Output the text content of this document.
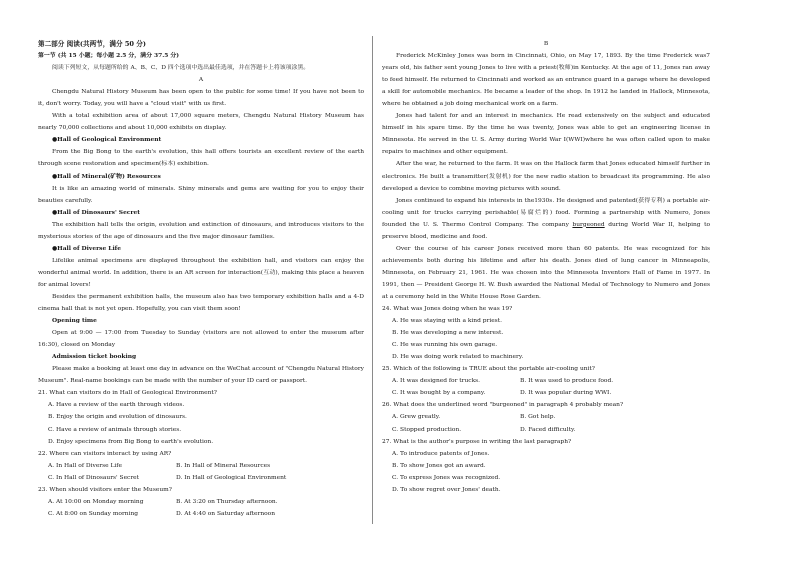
第二部分 阅读(共两节，满分 50 分)

第一节 (共 15 小题；每小题 2.5 分，满分 37.5 分)

阅读下列短文，从每题所给的 A、B、C、D 四个选项中选出最佳选项，并在答题卡上将该项涂黑。

A

Chengdu Natural History Museum has been open to the public for some time! If you have not been to it, don't worry. Today, you will have a "cloud visit" with us first.

With a total exhibition area of about 17,000 square meters, Chengdu Natural History Museum has nearly 70,000 collections and about 10,000 exhibits on display.

●Hall of Geological Environment

From the Big Bong to the earth's evolution, this hall offers tourists an excellent review of the earth through scene restoration and specimen(标本) exhibition.

●Hall of Mineral(矿物) Resources

It is like an amazing world of minerals. Shiny minerals and gems are waiting for you to enjoy their beauties carefully.

●Hall of Dinosaurs' Secret

The exhibition hall tells the origin, evolution and extinction of dinosaurs, and introduces visitors to the mysterious stories of the age of dinosaurs and the five major dinosaur families.

●Hall of Diverse Life

Lifelike animal specimens are displayed throughout the exhibition hall, and visitors can enjoy the wonderful animal world. In addition, there is an AR screen for interaction(互动), making this place a heaven for animal lovers!

Besides the permanent exhibition halls, the museum also has two temporary exhibition halls and a 4-D cinema hall that is not yet open. Hopefully, you can visit them soon!

Opening time

Open at 9:00 — 17:00 from Tuesday to Sunday (visitors are not allowed to enter the museum after 16:30), closed on Monday

Admission ticket booking

Please make a booking at least one day in advance on the WeChat account of "Chengdu Natural History Museum". Real-name bookings can be made with the number of your ID card or passport.

21. What can visitors do in Hall of Geological Environment?

A. Have a review of the earth through videos.

B. Enjoy the origin and evolution of dinosaurs.

C. Have a review of animals through stories.

D. Enjoy specimens from Big Bong to earth's evolution.

22. Where can visitors interact by using AR?

A. In Hall of Diverse Life	B. In Hall of Mineral Resources
C. In Hall of Dinosaurs' Secret	D. In Hall of Geological Environment

23. When should visitors enter the Museum?

A. At 10:00 on Monday morning	B. At 3:20 on Thursday afternoon.
C. At 8:00 on Sunday morning	D. At 4:40 on Saturday afternoon

B

Frederick McKinley Jones was born in Cincinnati, Ohio, on May 17, 1893. By the time Frederick was7 years old, his father sent young Jones to live with a priest(牧师)in Kentucky. At the age of 11, Jones ran away to feed himself. He returned to Cincinnati and worked as an entrance guard in a garage where he developed a skill for automobile mechanics. He became a leader of the shop. In 1912 he landed in Hallock, Minnesota, where he obtained a job doing mechanical work on a farm.

Jones had talent for and an interest in mechanics. He read extensively on the subject and educated himself in his spare time. By the time he was twenty, Jones was able to get an engineering license in Minnesota. He served in the U. S. Army during World War I(WWI)where he was often called upon to make repairs to machines and other equipment.

After the war, he returned to the farm. It was on the Hallock farm that Jones educated himself further in electronics. He built a transmitter(发射机) for the new radio station to broadcast its programming. He also developed a device to combine moving pictures with sound.

Jones continued to expand his interests in the1930s. He designed and patented(获得专利) a portable air-cooling unit for trucks carrying perishable(易腐烂的) food. Forming a partnership with Numero, Jones founded the U. S. Thermo Control Company. The company burgeoned during World War II, helping to preserve blood, medicine and food.

Over the course of his career Jones received more than 60 patents. He was recognized for his achievements both during his lifetime and after his death. Jones died of lung cancer in Minneapolis, Minnesota, on February 21, 1961. He was chosen into the Minnesota Inventors Hall of Fame in 1977. In 1991, then — President George H. W. Bush awarded the National Medal of Technology to Numero and Jones at a ceremony held in the White House Rose Garden.

24. What was Jones doing when he was 19?

A. He was staying with a kind priest.

B. He was developing a new interest.

C. He was running his own garage.

D. He was doing work related to machinery.

25. Which of the following is TRUE about the portable air-cooling unit?

A. It was designed for trucks.	B. It was used to produce food.
C. It was bought by a company.	D. It was popular during WWI.

26. What does the underlined word "burgeoned" in paragraph 4 probably mean?

A. Grew greatly.	B. Got help.
C. Stopped production.	D. Faced difficulty.

27. What is the author's purpose in writing the last paragraph?

A. To introduce patents of Jones.

B. To show Jones got an award.

C. To express Jones was recognized.

D. To show regret over Jones' death.
